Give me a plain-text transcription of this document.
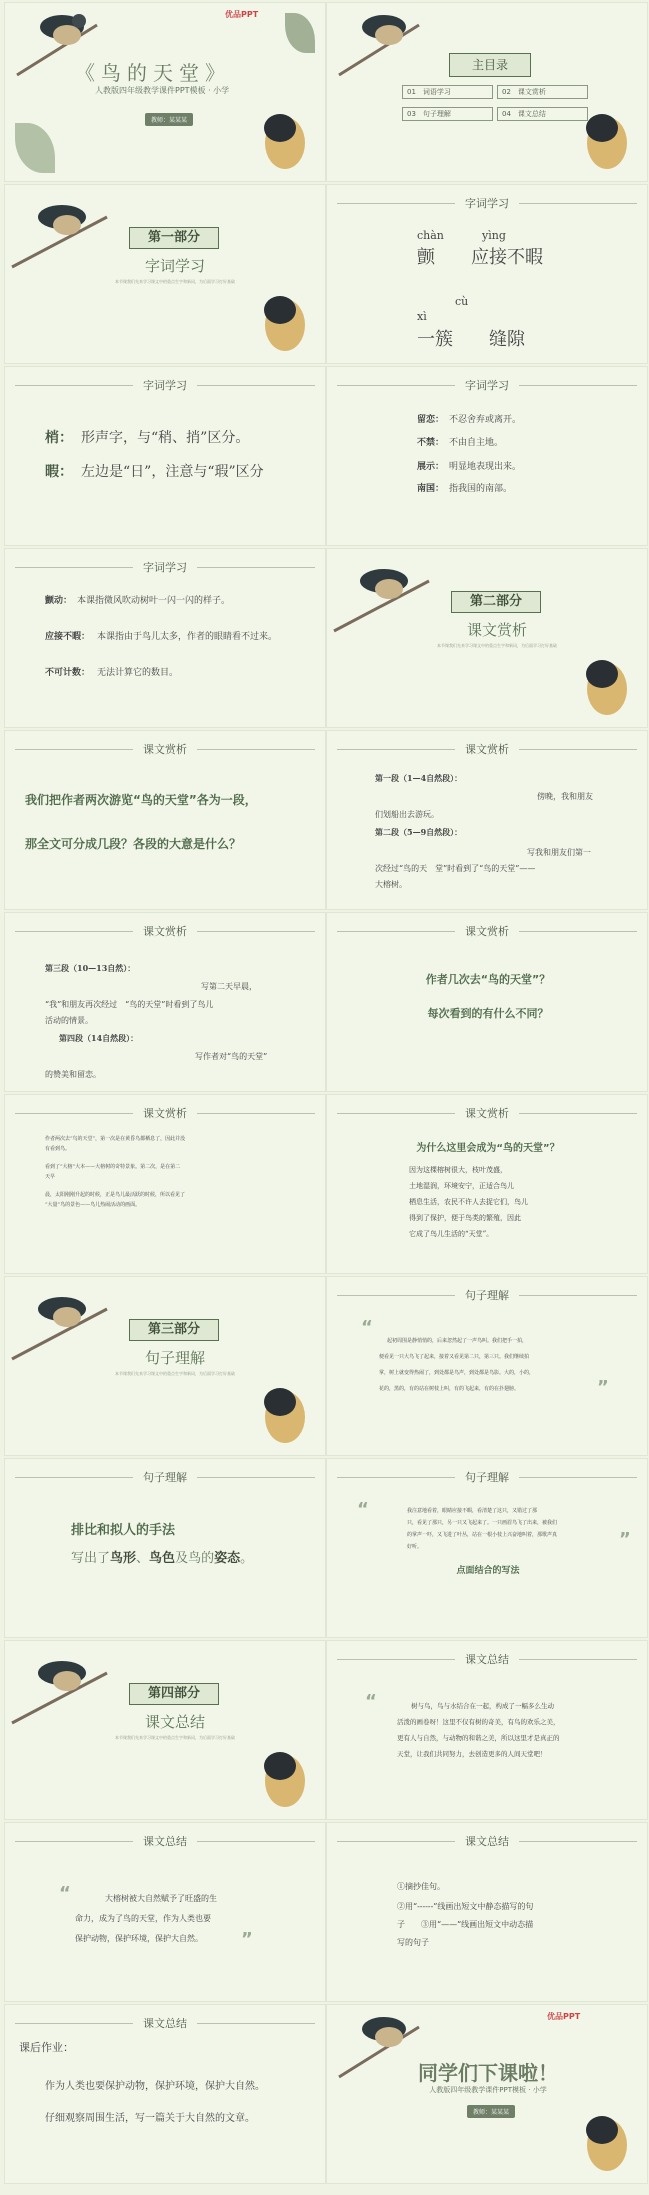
优品PPT
《鸟的天堂》
人教版四年级教学课件PPT模板 · 小学
教师：某某某
主目录
01　词语学习	02　课文赏析
03　句子理解	04　课文总结
第一部分
字词学习
本节课我们先来学习课文中的重点生字和新词，为后面学习打好基础
字词学习
chàn	yìng
颤　　应接不暇
cù
xì
一簇　　缝隙
字词学习
梢： 形声字，与“稍、捎”区分。
暇： 左边是“日”，注意与“瑕”区分
字词学习
留恋： 不忍舍弃或离开。
不禁： 不由自主地。
展示： 明显地表现出来。
南国： 指我国的南部。
字词学习
颤动： 本课指微风吹动树叶一闪一闪的样子。
应接不暇： 本课指由于鸟儿太多，作者的眼睛看不过来。
不可计数： 无法计算它的数目。
第二部分
课文赏析
本节课我们先来学习课文中的重点生字和新词，为后面学习打好基础
课文赏析
我们把作者两次游览“鸟的天堂”各为一段，
那全文可分成几段？各段的大意是什么？
课文赏析
第一段（1—4自然段）：
傍晚，我和朋友
们划船出去游玩。
第二段（5—9自然段）：
写我和朋友们第一
次经过“鸟的天　堂”时看到了“鸟的天堂”——
大榕树。
课文赏析
第三段（10—13自然）：
写第二天早晨，
“我”和朋友再次经过　“鸟的天堂”时看到了鸟儿
活动的情景。
第四段（14自然段）：
写作者对“鸟的天堂”
的赞美和留恋。
课文赏析
作者几次去“鸟的天堂”？
每次看到的有什么不同？
课文赏析
作者两次去“鸟的天堂”，第一次是在黄昏鸟都栖息了，因此并没
有看到鸟。
看到了“大榕”大本——大榕树的奇特景象。第二次，是在第二
天早
晨，太阳刚刚升起的时候，正是鸟儿最活跃的时候，所以看见了
“大量”鸟的景色——鸟儿热闹活动的画面。
课文赏析
为什么这里会成为“鸟的天堂”？
因为这棵榕树很大，枝叶茂盛，
土地湿润，环境安宁，正适合鸟儿
栖息生活，农民不许人去捉它们，鸟儿
得到了保护，便于鸟类的繁殖，因此
它成了鸟儿生活的“天堂”。
第三部分
句子理解
本节课我们先来学习课文中的重点生字和新词，为后面学习打好基础
句子理解
“
起初周围是静悄悄的，后来忽然起了一声鸟叫。我们把手一拍，
便看见一只大鸟飞了起来，接着又看见第二只，第三只。我们继续拍
掌，树上就变得热闹了，到处都是鸟声，到处都是鸟影。大的，小的，
花的，黑的，有的站在树枝上叫，有的飞起来，有的在扑翅膀。	”
句子理解
排比和拟人的手法
写出了鸟形、鸟色及鸟的姿态。
句子理解
“	我注意地看着，眼睛应接不暇，看清楚了这只，又错过了那
只，看见了那只，另一只又飞起来了。一只画眉鸟飞了出来，被我们
的掌声一吓，又飞进了叶丛，站在一根小枝上兴奋地叫着，那歌声真
好听。	”
点面结合的写法
第四部分
课文总结
本节课我们先来学习课文中的重点生字和新词，为后面学习打好基础
课文总结
“	树与鸟，鸟与水结合在一起，构成了一幅多么生动
活泼的画卷呀！这里不仅有树的奇美，有鸟的欢乐之美，
更有人与自然，与动物的和谐之美，所以这里才是真正的
天堂，让我们共同努力，去创造更多的人间天堂吧！
课文总结
“	大榕树被大自然赋予了旺盛的生
命力，成为了鸟的天堂，作为人类也要
保护动物，保护环境，保护大自然。 ”
课文总结
①摘抄佳句。
②用“------”线画出短文中静态描写的句
子　　③用“——”线画出短文中动态描
写的句子
课文总结
课后作业：
作为人类也要保护动物，保护环境，保护大自然。
仔细观察周围生活，写一篇关于大自然的文章。
优品PPT
同学们下课啦！
人教版四年级教学课件PPT模板 · 小学
教师：某某某
